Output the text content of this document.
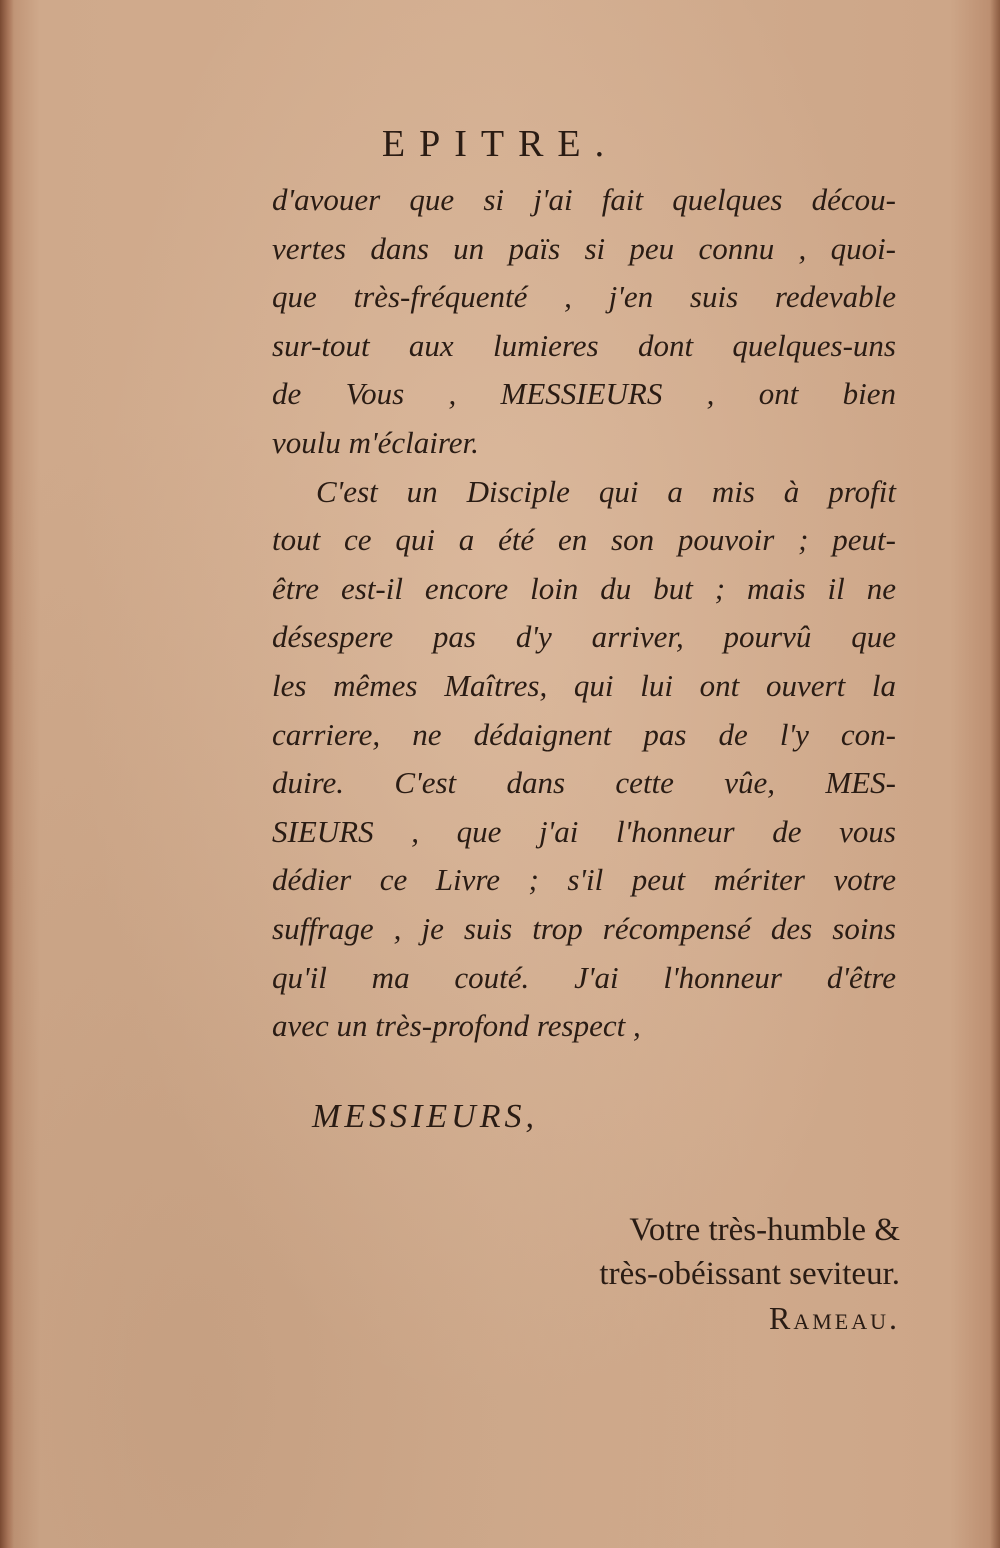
EPITRE.
d'avouer que si j'ai fait quelques décou-
vertes dans un païs si peu connu , quoi-
que très-fréquenté , j'en suis redevable
sur-tout aux lumieres dont quelques-uns
de Vous , MESSIEURS , ont bien
voulu m'éclairer.
C'est un Disciple qui a mis à profit
tout ce qui a été en son pouvoir ; peut-
être est-il encore loin du but ; mais il ne
désespere pas d'y arriver, pourvû que
les mêmes Maîtres, qui lui ont ouvert la
carriere, ne dédaignent pas de l'y con-
duire. C'est dans cette vûe, MES-
SIEURS , que j'ai l'honneur de vous
dédier ce Livre ; s'il peut mériter votre
suffrage , je suis trop récompensé des soins
qu'il ma couté. J'ai l'honneur d'être
avec un très-profond respect ,
MESSIEURS,
Votre très-humble &
très-obéissant seviteur.
Rameau.
